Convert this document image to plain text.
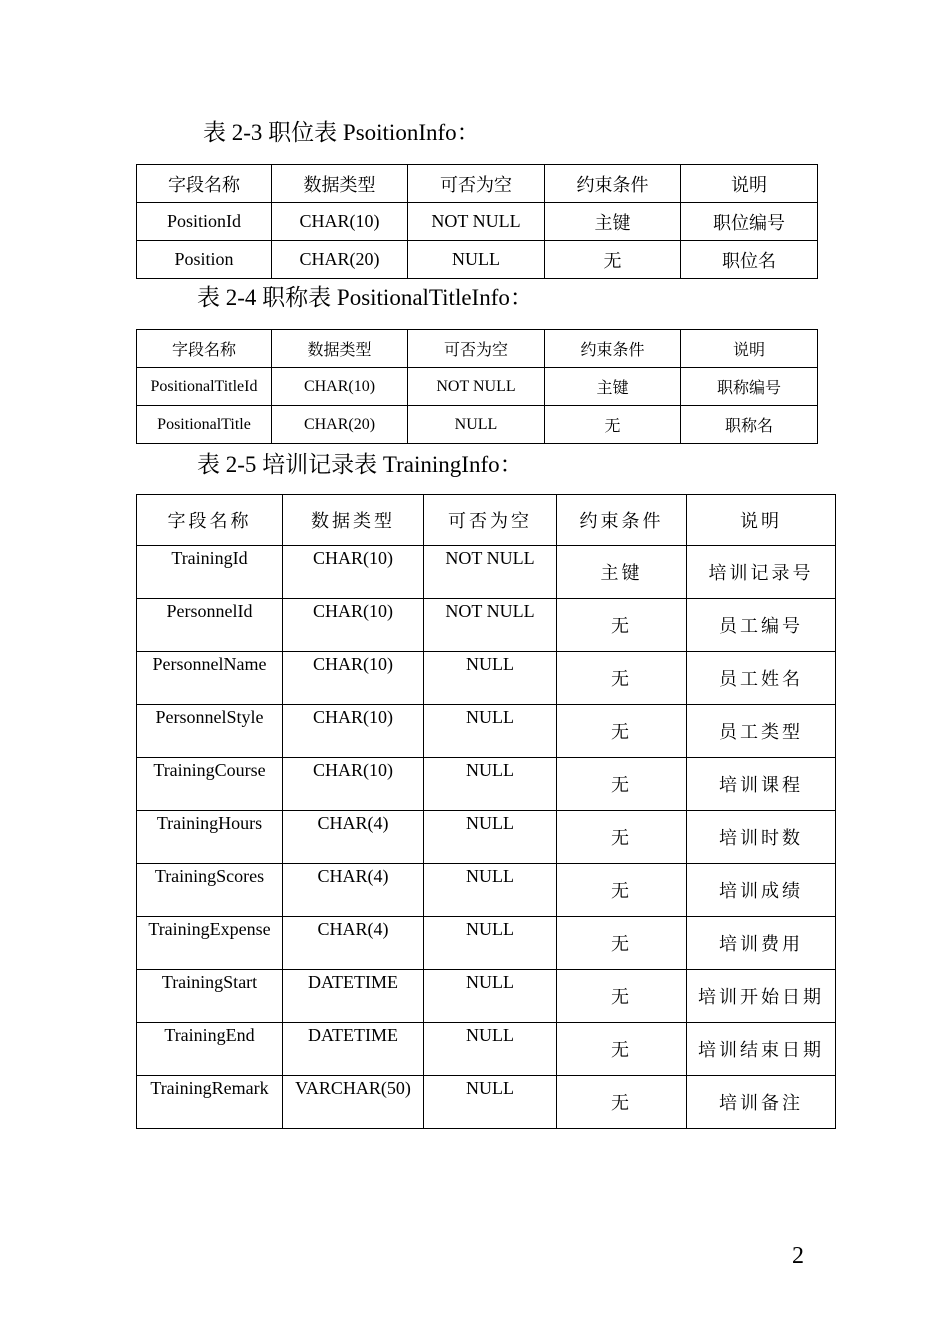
表 2-3 职位表 PsoitionInfo：
字段名称	数据类型	可否为空	约束条件	说明
PositionId	CHAR(10)	NOT NULL	主键	职位编号
Position	CHAR(20)	NULL	无	职位名
表 2-4 职称表 PositionalTitleInfo：
字段名称	数据类型	可否为空	约束条件	说明
PositionalTitleId	CHAR(10)	NOT NULL	主键	职称编号
PositionalTitle	CHAR(20)	NULL	无	职称名
表 2-5 培训记录表 TrainingInfo：
字段名称	数据类型	可否为空	约束条件	说明
TrainingId	CHAR(10)	NOT NULL	主键	培训记录号
PersonnelId	CHAR(10)	NOT NULL	无	员工编号
PersonnelName	CHAR(10)	NULL	无	员工姓名
PersonnelStyle	CHAR(10)	NULL	无	员工类型
TrainingCourse	CHAR(10)	NULL	无	培训课程
TrainingHours	CHAR(4)	NULL	无	培训时数
TrainingScores	CHAR(4)	NULL	无	培训成绩
TrainingExpense	CHAR(4)	NULL	无	培训费用
TrainingStart	DATETIME	NULL	无	培训开始日期
TrainingEnd	DATETIME	NULL	无	培训结束日期
TrainingRemark	VARCHAR(50)	NULL	无	培训备注
2
